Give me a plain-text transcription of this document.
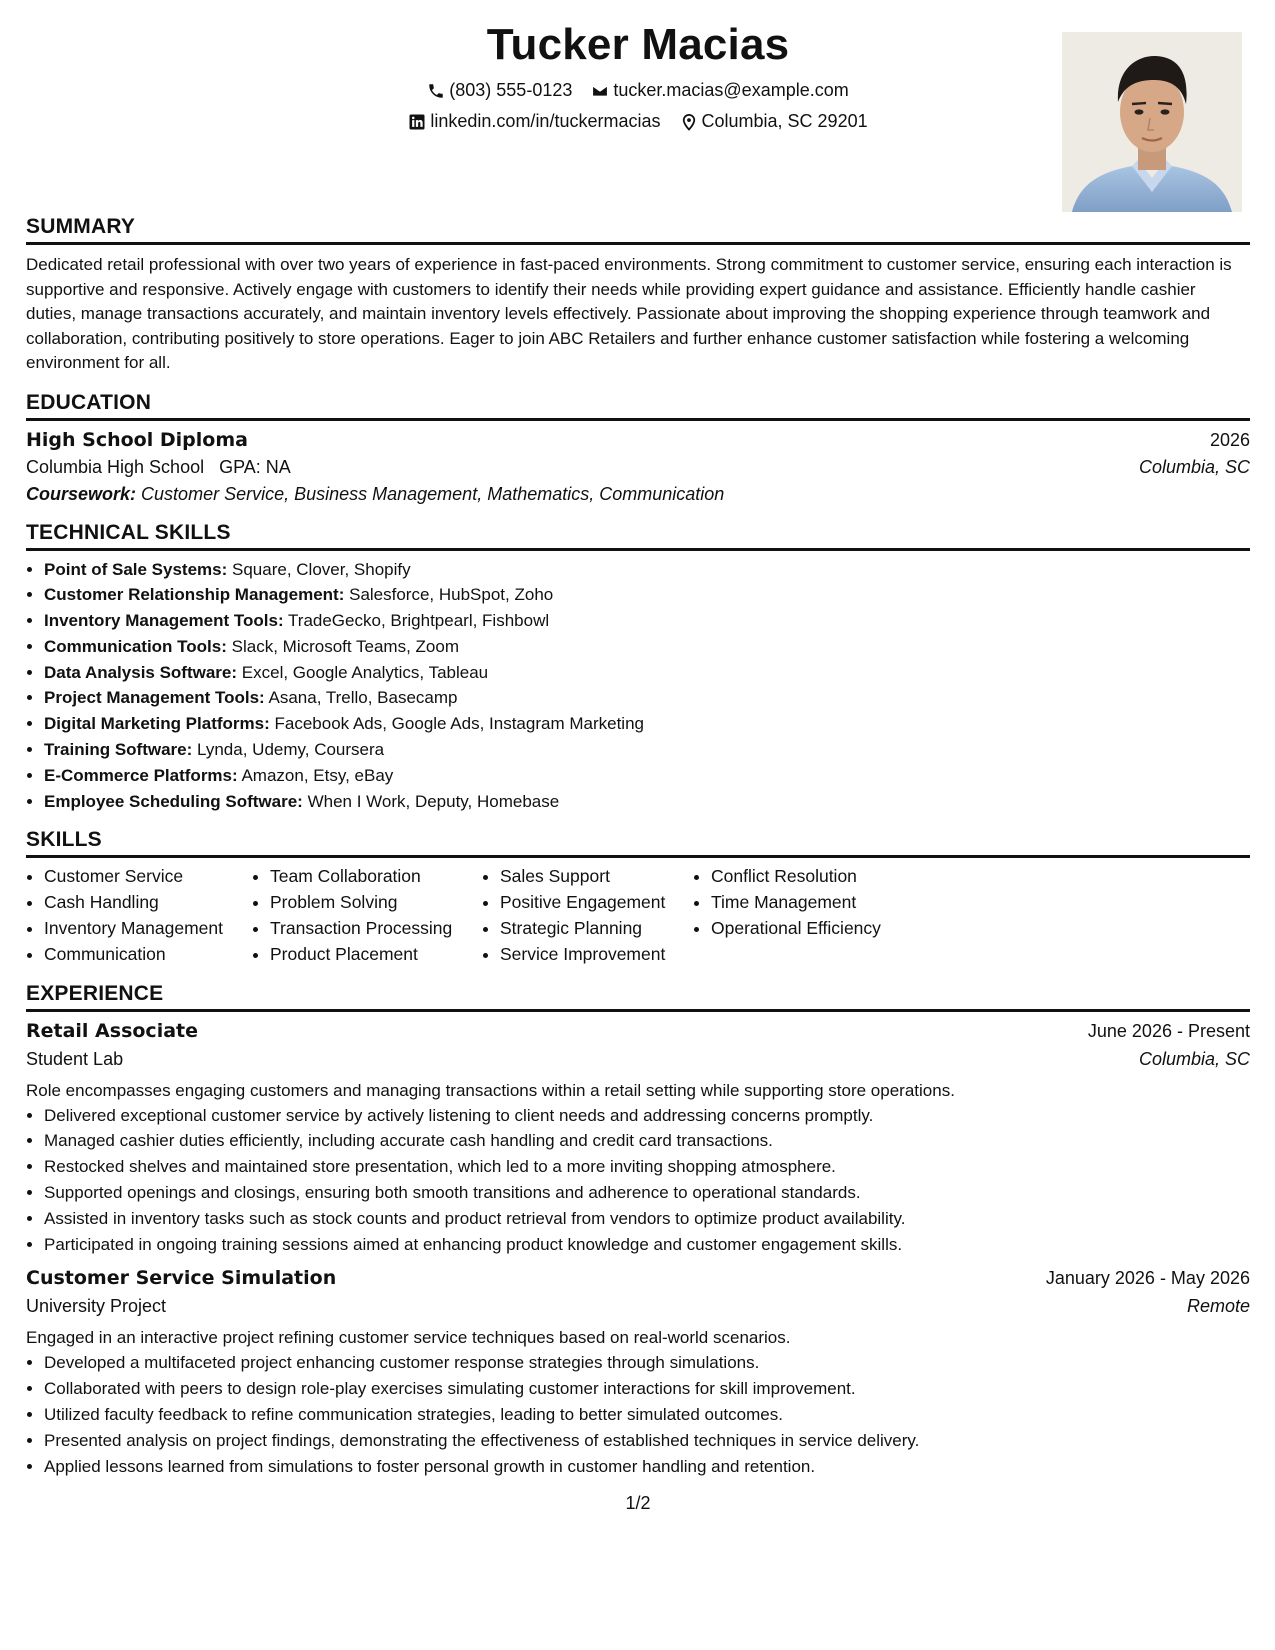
Tucker Macias
(803) 555-0123
tucker.macias@example.com
linkedin.com/in/tuckermacias
Columbia, SC 29201
SUMMARY

Dedicated retail professional with over two years of experience in fast-paced environments. Strong commitment to customer service, ensuring each interaction is supportive and responsive. Actively engage with customers to identify their needs while providing expert guidance and assistance. Efficiently handle cashier duties, manage transactions accurately, and maintain inventory levels effectively. Passionate about improving the shopping experience through teamwork and collaboration, contributing positively to store operations. Eager to join ABC Retailers and further enhance customer satisfaction while fostering a welcoming environment for all.

EDUCATION
High School Diploma	2026
Columbia High School GPA: NA	Columbia, SC
Coursework: Customer Service, Business Management, Mathematics, Communication
TECHNICAL SKILLS
• Point of Sale Systems: Square, Clover, Shopify
• Customer Relationship Management: Salesforce, HubSpot, Zoho
• Inventory Management Tools: TradeGecko, Brightpearl, Fishbowl
• Communication Tools: Slack, Microsoft Teams, Zoom
• Data Analysis Software: Excel, Google Analytics, Tableau
• Project Management Tools: Asana, Trello, Basecamp
• Digital Marketing Platforms: Facebook Ads, Google Ads, Instagram Marketing
• Training Software: Lynda, Udemy, Coursera
• E-Commerce Platforms: Amazon, Etsy, eBay
• Employee Scheduling Software: When I Work, Deputy, Homebase
SKILLS
• Customer Service
• Cash Handling
• Inventory Management
• Communication
• Team Collaboration
• Problem Solving
• Transaction Processing
• Product Placement
• Sales Support
• Positive Engagement
• Strategic Planning
• Service Improvement
• Conflict Resolution
• Time Management
• Operational Efficiency
EXPERIENCE
Retail Associate	June 2026 - Present
Student Lab	Columbia, SC
Role encompasses engaging customers and managing transactions within a retail setting while supporting store operations.
• Delivered exceptional customer service by actively listening to client needs and addressing concerns promptly.
• Managed cashier duties efficiently, including accurate cash handling and credit card transactions.
• Restocked shelves and maintained store presentation, which led to a more inviting shopping atmosphere.
• Supported openings and closings, ensuring both smooth transitions and adherence to operational standards.
• Assisted in inventory tasks such as stock counts and product retrieval from vendors to optimize product availability.
• Participated in ongoing training sessions aimed at enhancing product knowledge and customer engagement skills.
Customer Service Simulation	January 2026 - May 2026
University Project	Remote
Engaged in an interactive project refining customer service techniques based on real-world scenarios.
• Developed a multifaceted project enhancing customer response strategies through simulations.
• Collaborated with peers to design role-play exercises simulating customer interactions for skill improvement.
• Utilized faculty feedback to refine communication strategies, leading to better simulated outcomes.
• Presented analysis on project findings, demonstrating the effectiveness of established techniques in service delivery.
• Applied lessons learned from simulations to foster personal growth in customer handling and retention.
1/2
